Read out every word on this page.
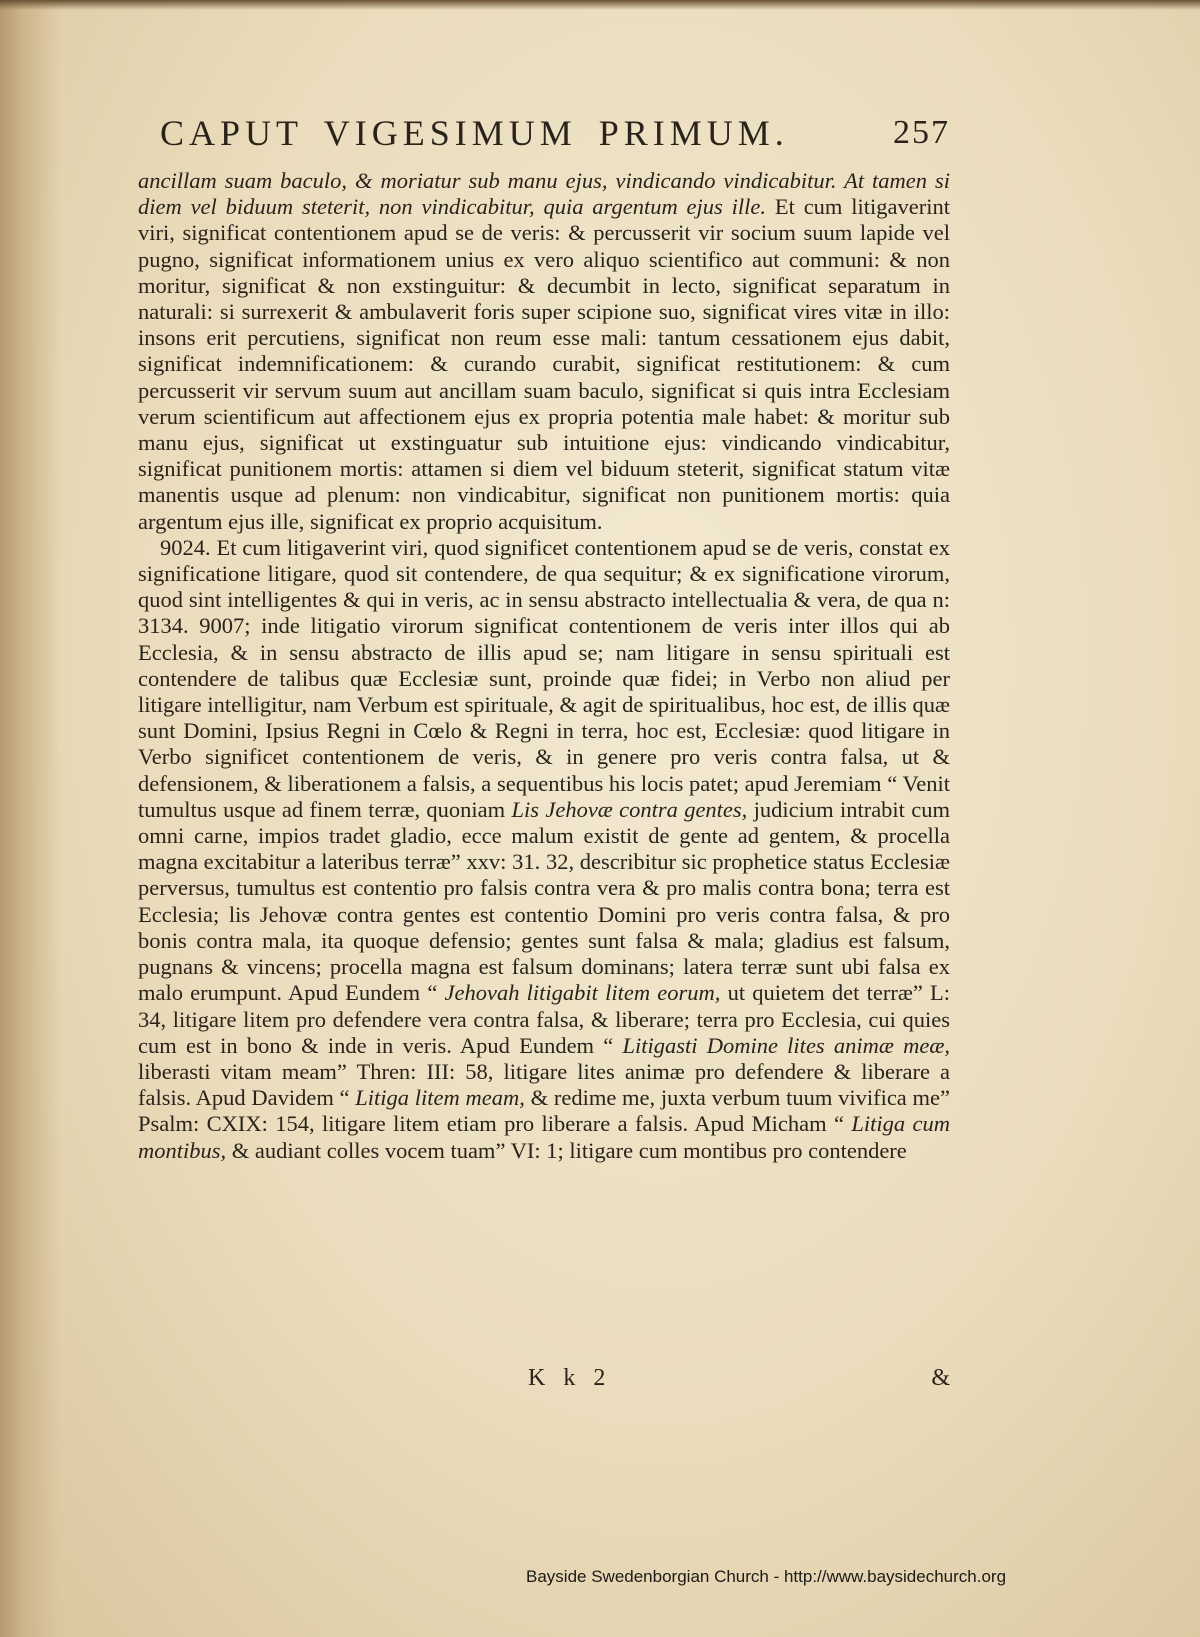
CAPUT VIGESIMUM PRIMUM.	257

ancillam suam baculo, & moriatur sub manu ejus, vindicando vindicabitur. At tamen si diem vel biduum steterit, non vindicabitur, quia argentum ejus ille. Et cum litigaverint viri, significat contentionem apud se de veris: & percusserit vir socium suum lapide vel pugno, significat informationem unius ex vero aliquo scientifico aut communi: & non moritur, significat & non exstinguitur: & decumbit in lecto, significat separatum in naturali: si surrexerit & ambulaverit foris super scipione suo, significat vires vitæ in illo: insons erit percutiens, significat non reum esse mali: tantum cessationem ejus dabit, significat indemnificationem: & curando curabit, significat restitutionem: & cum percusserit vir servum suum aut ancillam suam baculo, significat si quis intra Ecclesiam verum scientificum aut affectionem ejus ex propria potentia male habet: & moritur sub manu ejus, significat ut exstinguatur sub intuitione ejus: vindicando vindicabitur, significat punitionem mortis: attamen si diem vel biduum steterit, significat statum vitæ manentis usque ad plenum: non vindicabitur, significat non punitionem mortis: quia argentum ejus ille, significat ex proprio acquisitum.

9024. Et cum litigaverint viri, quod significet contentionem apud se de veris, constat ex significatione litigare, quod sit contendere, de qua sequitur; & ex significatione virorum, quod sint intelligentes & qui in veris, ac in sensu abstracto intellectualia & vera, de qua n: 3134. 9007; inde litigatio virorum significat contentionem de veris inter illos qui ab Ecclesia, & in sensu abstracto de illis apud se; nam litigare in sensu spirituali est contendere de talibus quæ Ecclesiæ sunt, proinde quæ fidei; in Verbo non aliud per litigare intelligitur, nam Verbum est spirituale, & agit de spiritualibus, hoc est, de illis quæ sunt Domini, Ipsius Regni in Cœlo & Regni in terra, hoc est, Ecclesiæ: quod litigare in Verbo significet contentionem de veris, & in genere pro veris contra falsa, ut & defensionem, & liberationem a falsis, a sequentibus his locis patet; apud Jeremiam “ Venit tumultus usque ad finem terræ, quoniam Lis Jehovæ contra gentes, judicium intrabit cum omni carne, impios tradet gladio, ecce malum existit de gente ad gentem, & procella magna excitabitur a lateribus terræ” xxv: 31. 32, describitur sic prophetice status Ecclesiæ perversus, tumultus est contentio pro falsis contra vera & pro malis contra bona; terra est Ecclesia; lis Jehovæ contra gentes est contentio Domini pro veris contra falsa, & pro bonis contra mala, ita quoque defensio; gentes sunt falsa & mala; gladius est falsum, pugnans & vincens; procella magna est falsum dominans; latera terræ sunt ubi falsa ex malo erumpunt. Apud Eundem “ Jehovah litigabit litem eorum, ut quietem det terræ” L: 34, litigare litem pro defendere vera contra falsa, & liberare; terra pro Ecclesia, cui quies cum est in bono & inde in veris. Apud Eundem “ Litigasti Domine lites animæ meæ, liberasti vitam meam” Thren: III: 58, litigare lites animæ pro defendere & liberare a falsis. Apud Davidem “ Litiga litem meam, & redime me, juxta verbum tuum vivifica me” Psalm: CXIX: 154, litigare litem etiam pro liberare a falsis. Apud Micham “ Litiga cum montibus, & audiant colles vocem tuam” VI: 1; litigare cum montibus pro contendere

K k 2	&
Bayside Swedenborgian Church - http://www.baysidechurch.org
